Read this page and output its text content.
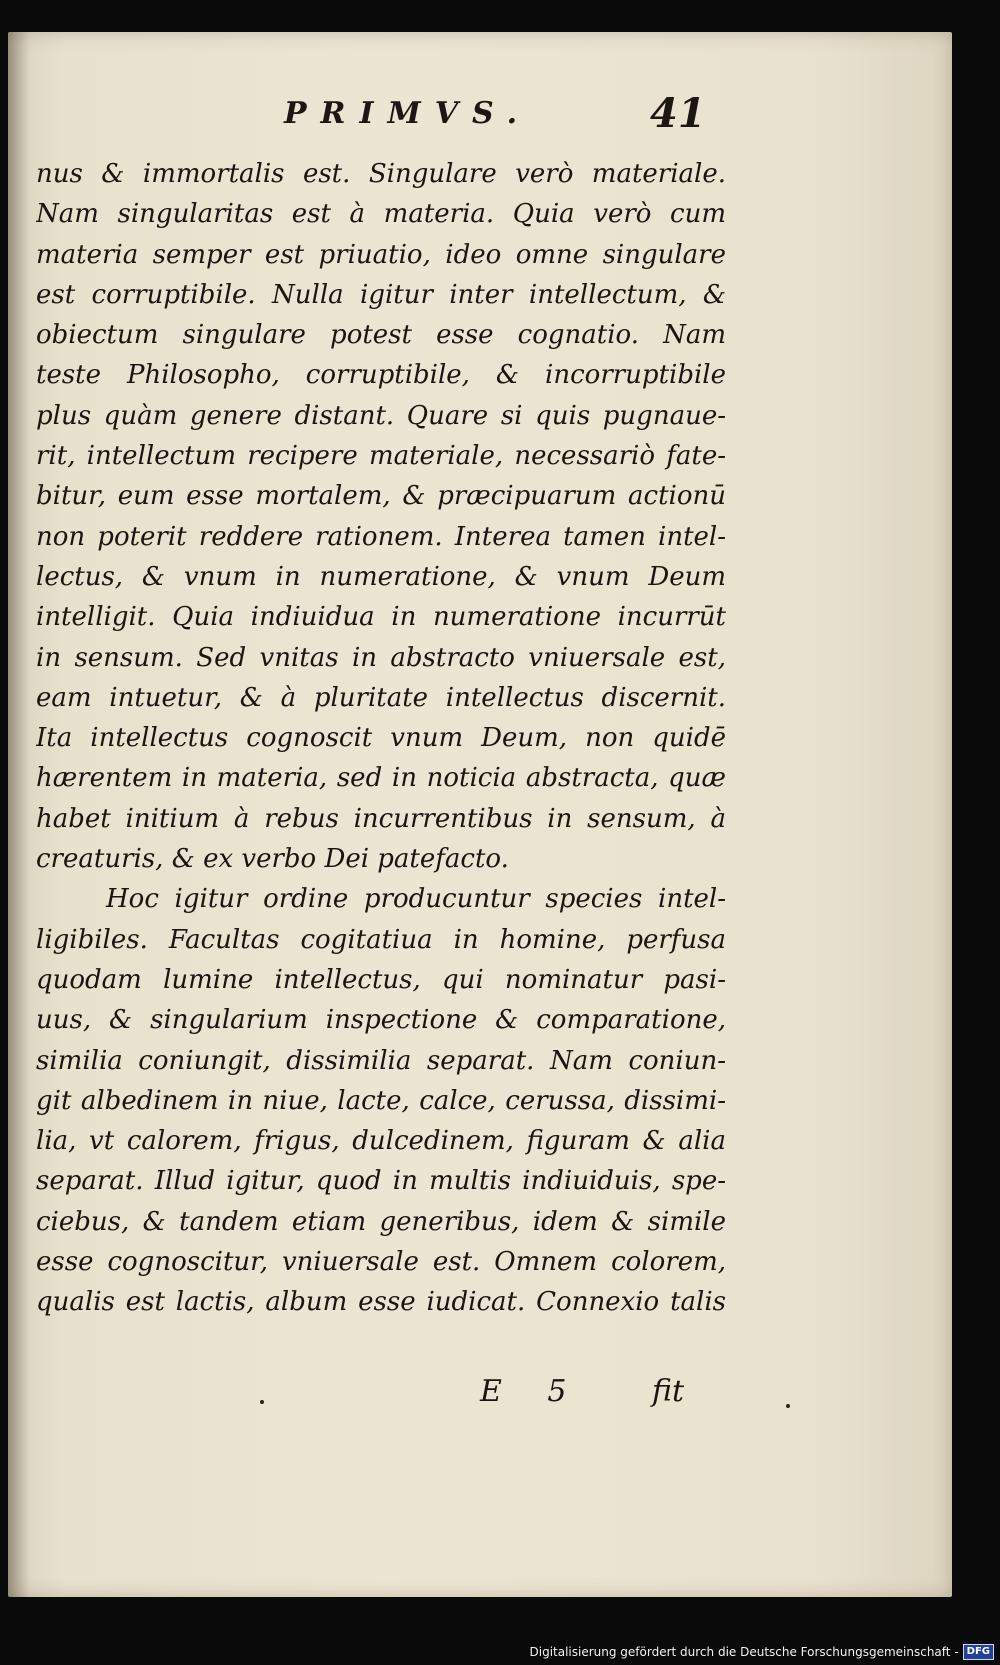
PRIMVS.	41
nus & immortalis est. Singulare verò materiale.
Nam singularitas est à materia. Quia verò cum
materia semper est priuatio, ideo omne singulare
est corruptibile. Nulla igitur inter intellectum, &
obiectum singulare potest esse cognatio. Nam
teste Philosopho, corruptibile, & incorruptibile
plus quàm genere distant. Quare si quis pugnaue-
rit, intellectum recipere materiale, necessariò fate-
bitur, eum esse mortalem, & præcipuarum actionū
non poterit reddere rationem. Interea tamen intel-
lectus, & vnum in numeratione, & vnum Deum
intelligit. Quia indiuidua in numeratione incurrūt
in sensum. Sed vnitas in abstracto vniuersale est,
eam intuetur, & à pluritate intellectus discernit.
Ita intellectus cognoscit vnum Deum, non quidē
hærentem in materia, sed in noticia abstracta, quæ
habet initium à rebus incurrentibus in sensum, à
creaturis, & ex verbo Dei patefacto.
Hoc igitur ordine producuntur species intel-
ligibiles. Facultas cogitatiua in homine, perfusa
quodam lumine intellectus, qui nominatur pasi-
uus, & singularium inspectione & comparatione,
similia coniungit, dissimilia separat. Nam coniun-
git albedinem in niue, lacte, calce, cerussa, dissimi-
lia, vt calorem, frigus, dulcedinem, figuram & alia
separat. Illud igitur, quod in multis indiuiduis, spe-
ciebus, & tandem etiam generibus, idem & simile
esse cognoscitur, vniuersale est. Omnem colorem,
qualis est lactis, album esse iudicat. Connexio talis
E 5 fit
Digitalisierung gefördert durch die Deutsche Forschungsgemeinschaft - DFG
